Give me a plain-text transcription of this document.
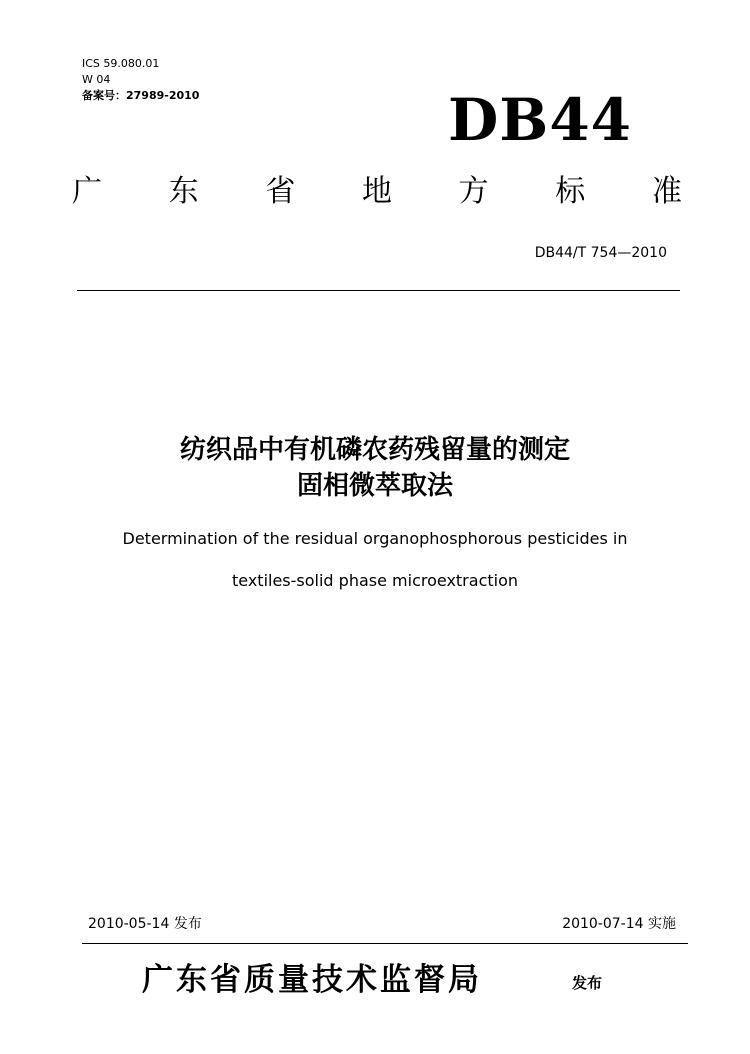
ICS 59.080.01
W 04
备案号：27989-2010	DB44
广 东 省 地 方 标 准
DB44/T 754—2010
纺织品中有机磷农药残留量的测定
固相微萃取法
Determination of the residual organophosphorous pesticides in
textiles-solid phase microextraction
2010-05-14 发布	2010-07-14 实施
广东省质量技术监督局	发布
